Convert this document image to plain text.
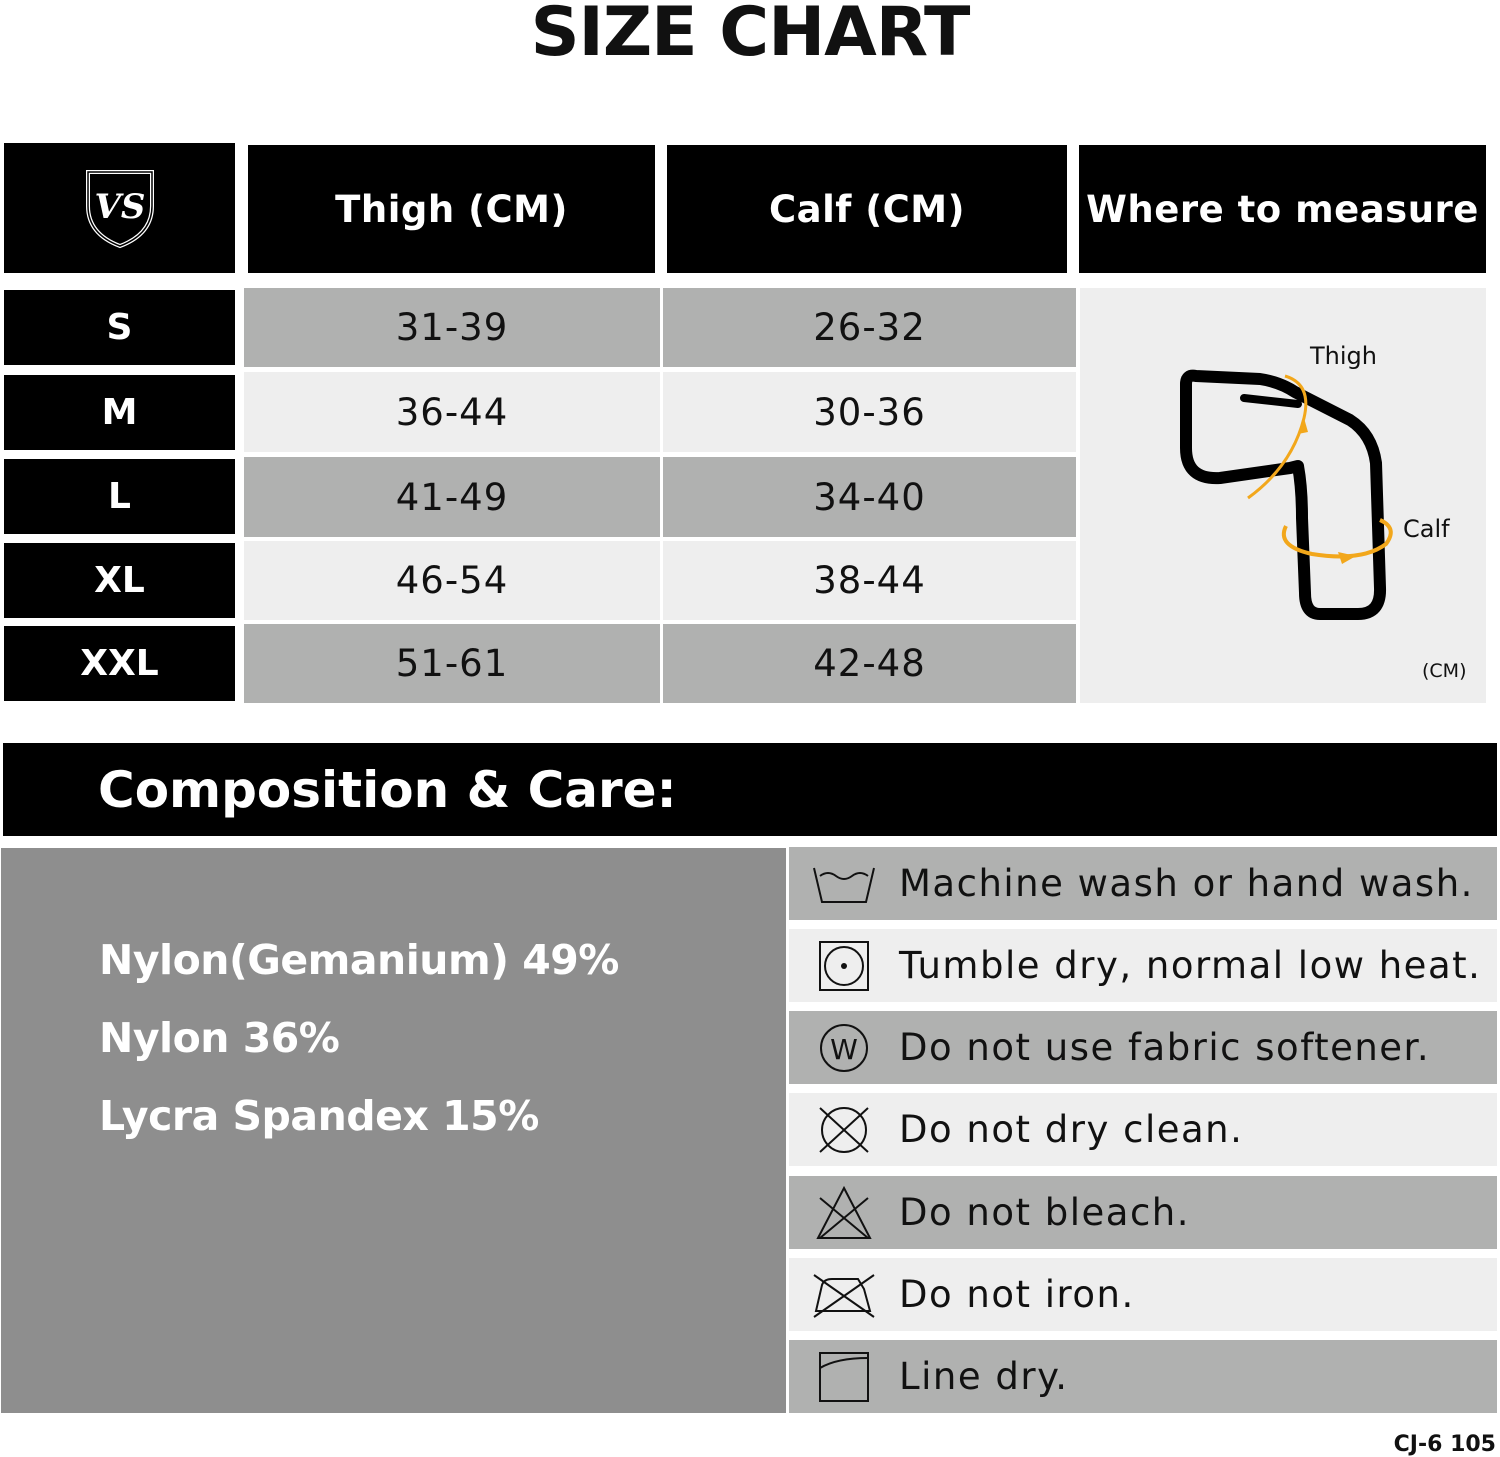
SIZE CHART
VS	Thigh (CM)	Calf (CM)	Where to measure
S	31-39	26-32
M	36-44	30-36
L	41-49	34-40
XL	46-54	38-44
XXL	51-61	42-48
Thigh
Calf
(CM)
Composition & Care:
Nylon(Gemanium) 49%
Nylon 36%
Lycra Spandex 15%
Machine wash or hand wash.
Tumble dry, normal low heat.
W Do not use fabric softener.
Do not dry clean.
Do not bleach.
Do not iron.
Line dry.
CJ-6 105
